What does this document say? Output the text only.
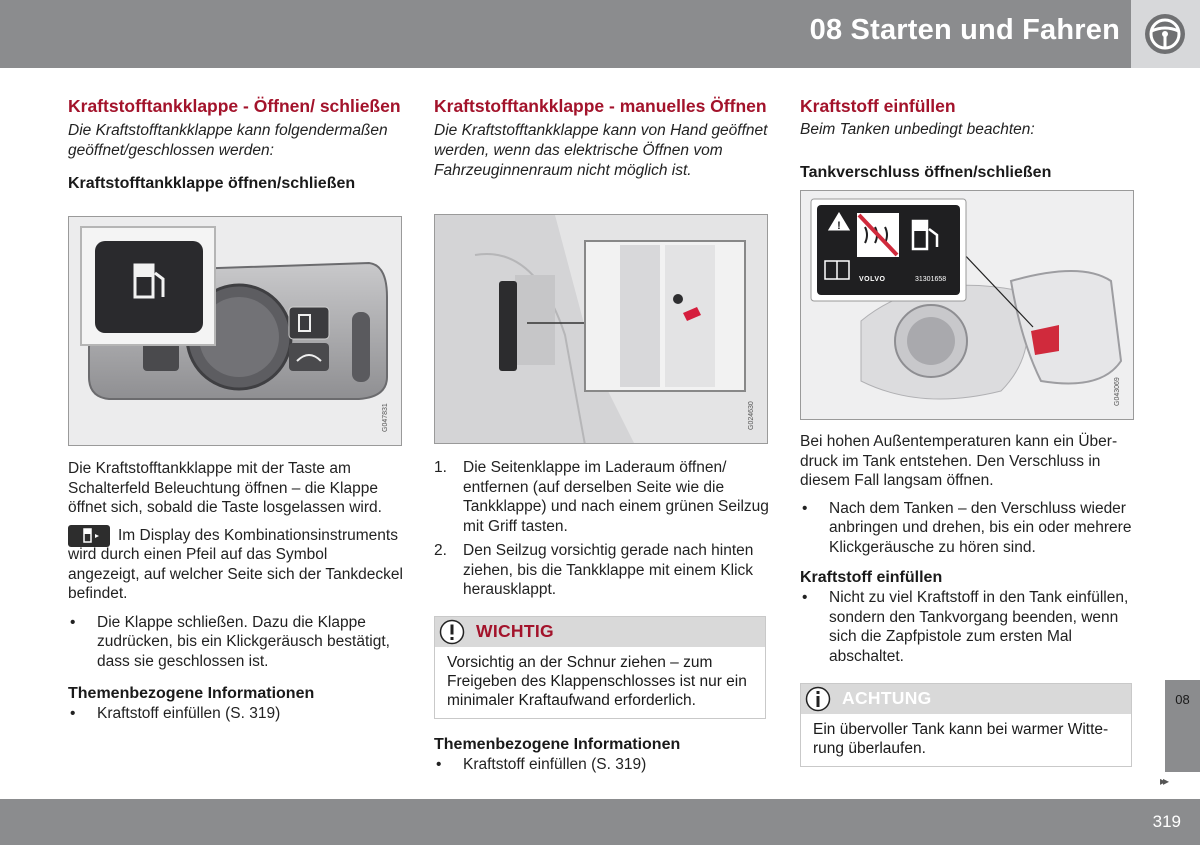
08 Starten und Fahren
Kraftstofftankklappe - Öffnen/ schließen
Die Kraftstofftankklappe kann folgendermaßen geöffnet/geschlossen werden:
Kraftstofftankklappe öffnen/schließen
G047831
Die Kraftstofftankklappe mit der Taste am Schalterfeld Beleuchtung öffnen – die Klappe öffnet sich, sobald die Taste losgelassen wird.
Im Display des Kombinationsinstruments wird durch einen Pfeil auf das Symbol angezeigt, auf welcher Seite sich der Tankdeckel befindet.
• Die Klappe schließen. Dazu die Klappe zudrücken, bis ein Klickgeräusch bestätigt, dass sie geschlossen ist.
Themenbezogene Informationen
• Kraftstoff einfüllen (S. 319)
Kraftstofftankklappe - manuelles Öffnen
Die Kraftstofftankklappe kann von Hand geöffnet werden, wenn das elektrische Öffnen vom Fahrzeuginnenraum nicht möglich ist.
G024630
1. Die Seitenklappe im Laderaum öffnen/ entfernen (auf derselben Seite wie die Tankklappe) und nach einem grünen Seilzug mit Griff tasten.
2. Den Seilzug vorsichtig gerade nach hinten ziehen, bis die Tankklappe mit einem Klick herausklappt.
WICHTIG
Vorsichtig an der Schnur ziehen – zum Freigeben des Klappenschlosses ist nur ein minimaler Kraftaufwand erforderlich.
Themenbezogene Informationen
• Kraftstoff einfüllen (S. 319)
Kraftstoff einfüllen
Beim Tanken unbedingt beachten:
Tankverschluss öffnen/schließen
!
VOLVO	31301658
G043069
Bei hohen Außentemperaturen kann ein Überdruck im Tank entstehen. Den Verschluss in diesem Fall langsam öffnen.
• Nach dem Tanken – den Verschluss wieder anbringen und drehen, bis ein oder mehrere Klickgeräusche zu hören sind.
Kraftstoff einfüllen
• Nicht zu viel Kraftstoff in den Tank einfüllen, sondern den Tankvorgang beenden, wenn sich die Zapfpistole zum ersten Mal abschaltet.
ACHTUNG
Ein übervoller Tank kann bei warmer Witterung überlaufen.
08
▸▸
319
